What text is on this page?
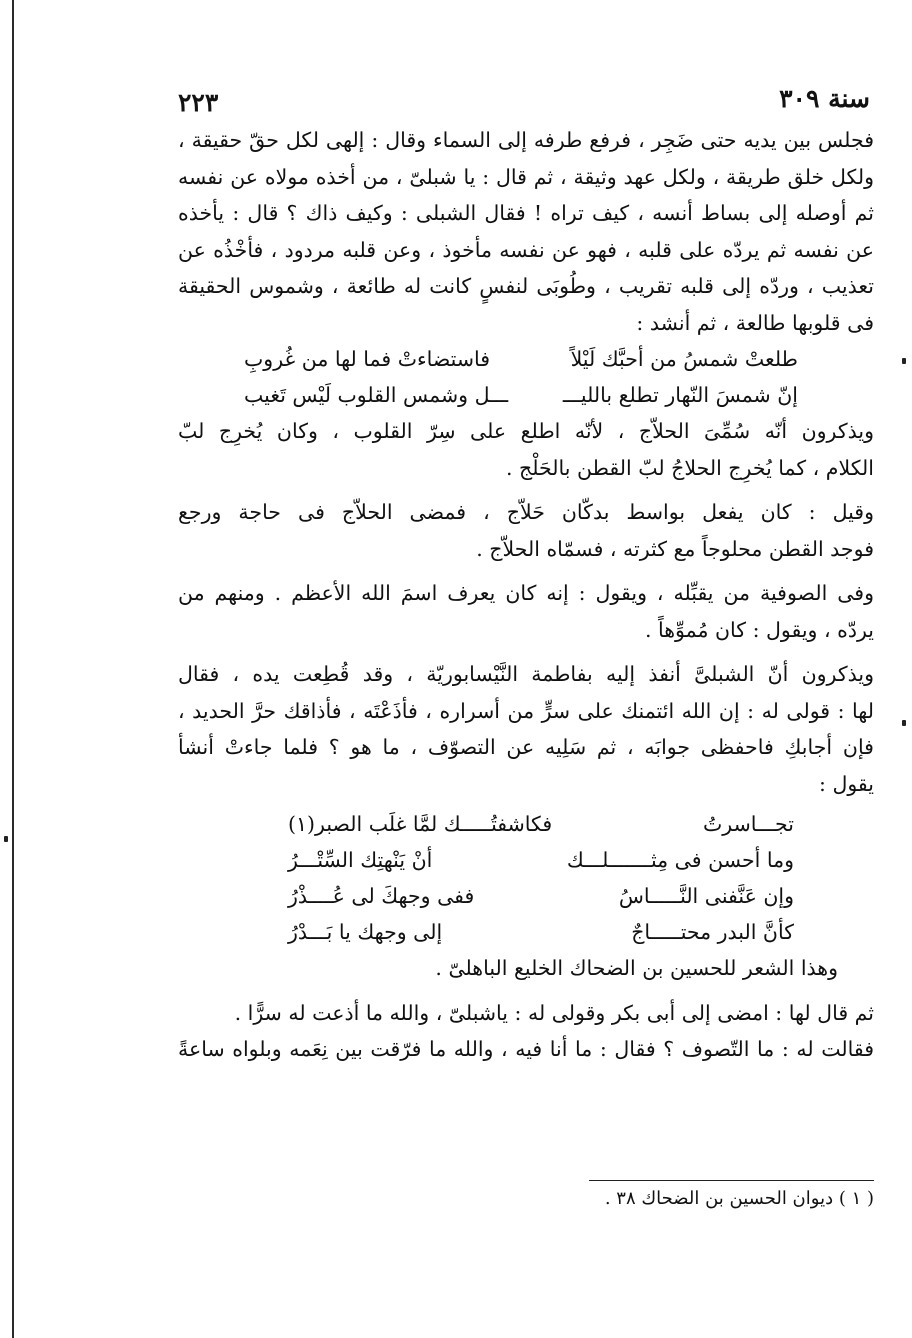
سنة ٣٠٩
٢٢٣
فجلس بين يديه حتى ضَجِر ، فرفع طرفه إلى السماء وقال : إلهى لكل حقّ حقيقة ،
ولكل خلق طريقة ، ولكل عهد وثيقة ، ثم قال : يا شبلىّ ، من أخذه مولاه عن نفسه
ثم أوصله إلى بساط أنسه ، كيف تراه ! فقال الشبلى : وكيف ذاك ؟ قال : يأخذه
عن نفسه ثم يردّه على قلبه ، فهو عن نفسه مأخوذ ، وعن قلبه مردود ، فأخْذُه عن
تعذيب ، وردّه إلى قلبه تقريب ، وطُوبَى لنفسٍ كانت له طائعة ، وشموس الحقيقة
فى قلوبها طالعة ، ثم أنشد :
طلعتْ شمسُ من أحبَّك لَيْلاً
فاستضاءتْ فما لها من غُروبِ
إنّ شمسَ النّهار تطلع بالليـــ
ـــل وشمس القلوب لَيْس تَغيب
ويذكرون أنّه سُمِّىَ الحلاّج ، لأنّه اطلع على سِرّ القلوب ، وكان يُخرِج لبّ
الكلام ، كما يُخرِج الحلاجُ لبّ القطن بالحَلْج .
وقيل : كان يفعل بواسط بدكّان حَلاّج ، فمضى الحلاّج فى حاجة ورجع
فوجد القطن محلوجاً مع كثرته ، فسمّاه الحلاّج .
وفى الصوفية من يقبِّله ، ويقول : إنه كان يعرف اسمَ الله الأعظم . ومنهم من
يردّه ، ويقول : كان مُموِّهاً .
ويذكرون أنّ الشبلىَّ أنفذ إليه بفاطمة النَّيْسابوريّة ، وقد قُطِعت يده ، فقال
لها : قولى له : إن الله ائتمنك على سرٍّ من أسراره ، فأذَعْتَه ، فأذاقك حرَّ الحديد ،
فإن أجابكِ فاحفظى جوابَه ، ثم سَلِيه عن التصوّف ، ما هو ؟ فلما جاءتْ أنشأ
يقول :
تجـــاسرتُ
فكاشفتُـــــك لمَّا غلَب الصبر(١)
وما أحسن فى مِثـــــــلـــك
أنْ يَنْهتِك السِّتْـــرُ
وإن عَنَّفنى النَّـــــاسُ
ففى وجهكَ لى عُــــذْرُ
كأنَّ البدر محتـــــاجٌ
إلى وجهك يا بَـــدْرُ
وهذا الشعر للحسين بن الضحاك الخليع الباهلىّ .
ثم قال لها : امضى إلى أبى بكر وقولى له : ياشبلىّ ، والله ما أذعت له سرًّا .
فقالت له : ما التّصوف ؟ فقال : ما أنا فيه ، والله ما فرّقت بين نِعَمه وبلواه ساعةً
( ١ ) ديوان الحسين بن الضحاك ٣٨ .
